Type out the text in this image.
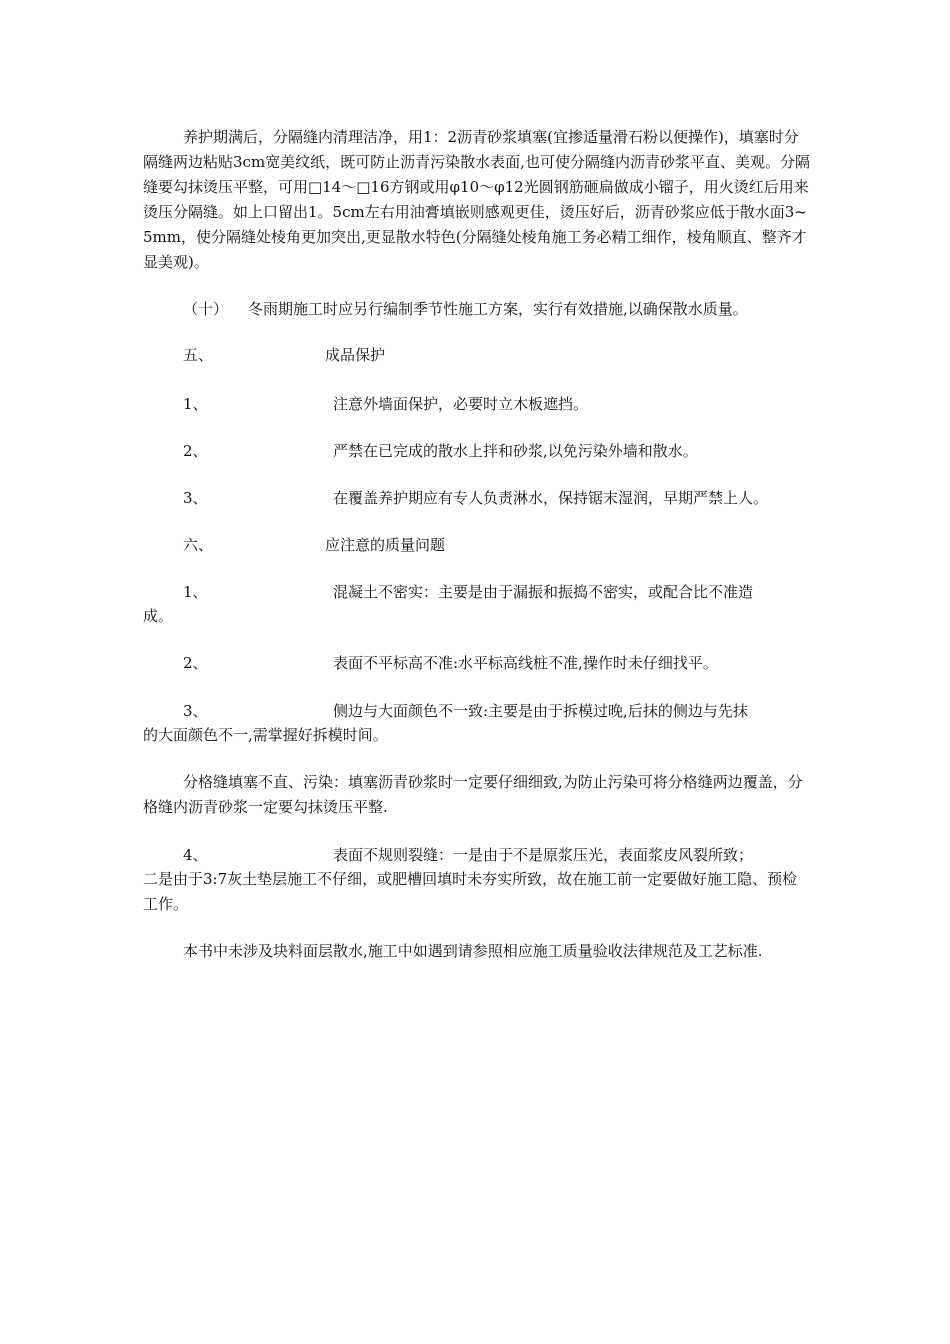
养护期满后，分隔缝内清理洁净，用1：2沥青砂浆填塞(宜掺适量滑石粉以便操作)，填塞时分隔缝两边粘贴3cm宽美纹纸，既可防止沥青污染散水表面,也可使分隔缝内沥青砂浆平直、美观。分隔缝要勾抹烫压平整，可用□14～□16方钢或用φ10～φ12光圆钢筋砸扁做成小镏子，用火烫红后用来烫压分隔缝。如上口留出1。5cm左右用油膏填嵌则感观更佳，烫压好后，沥青砂浆应低于散水面3~5mm，使分隔缝处棱角更加突出,更显散水特色(分隔缝处棱角施工务必精工细作，棱角顺直、整齐才显美观)。

（十） 冬雨期施工时应另行编制季节性施工方案，实行有效措施,以确保散水质量。
五、	成品保护
1、	注意外墙面保护，必要时立木板遮挡。
2、	严禁在已完成的散水上拌和砂浆,以免污染外墙和散水。
3、	在覆盖养护期应有专人负责淋水，保持锯末湿润，早期严禁上人。
六、	应注意的质量问题
1、	混凝土不密实：主要是由于漏振和振捣不密实，或配合比不准造
成。
2、	表面不平标高不准:水平标高线桩不准,操作时未仔细找平。
3、	侧边与大面颜色不一致:主要是由于拆模过晚,后抹的侧边与先抹
的大面颜色不一,需掌握好拆模时间。

分格缝填塞不直、污染：填塞沥青砂浆时一定要仔细细致,为防止污染可将分格缝两边覆盖，分格缝内沥青砂浆一定要勾抹烫压平整.

4、	表面不规则裂缝：一是由于不是原浆压光，表面浆皮风裂所致；

二是由于3:7灰土垫层施工不仔细，或肥槽回填时未夯实所致，故在施工前一定要做好施工隐、预检工作。

本书中未涉及块料面层散水,施工中如遇到请参照相应施工质量验收法律规范及工艺标准.
